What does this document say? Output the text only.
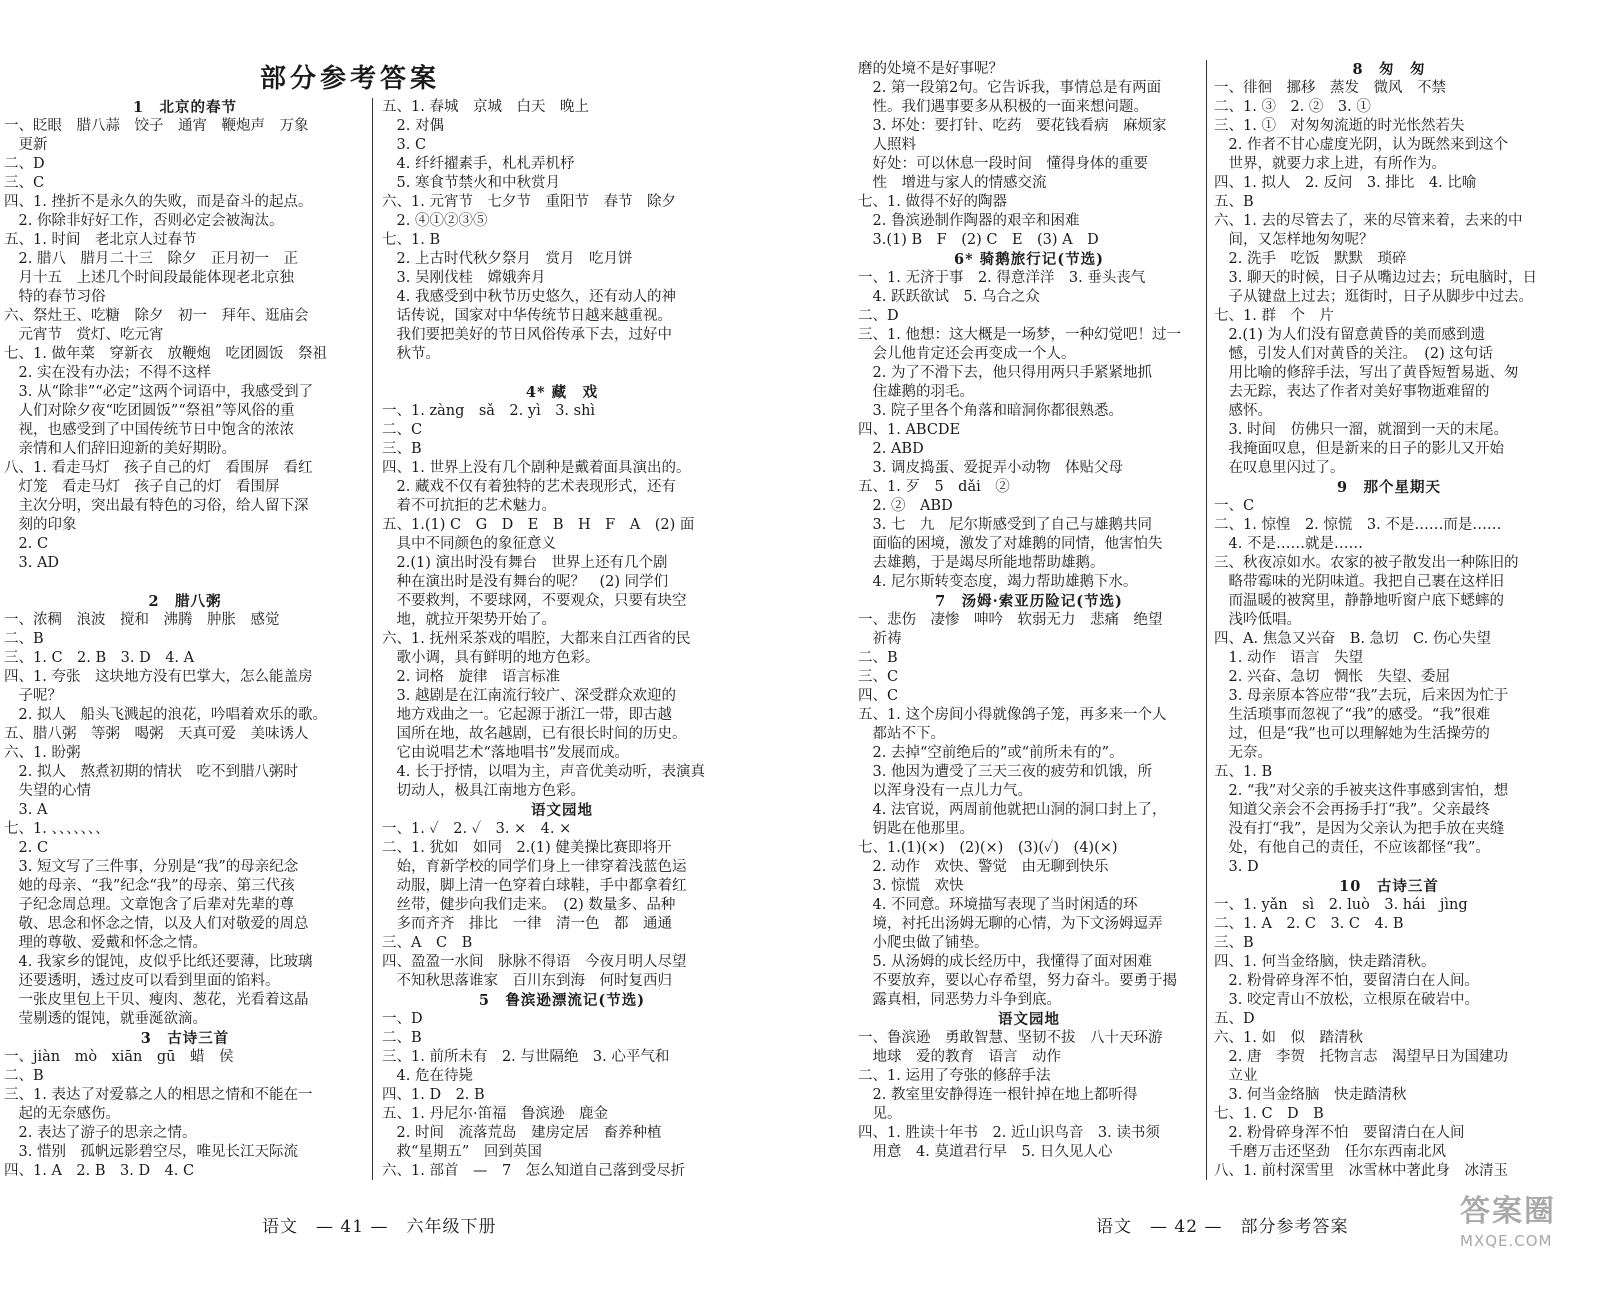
部分参考答案
1　北京的春节
一、眨眼　腊八蒜　饺子　通宵　鞭炮声　万象
　更新
二、D
三、C
四、1. 挫折不是永久的失败，而是奋斗的起点。
　2. 你除非好好工作，否则必定会被淘汰。
五、1. 时间　老北京人过春节
　2. 腊八　腊月二十三　除夕　正月初一　正
　月十五　上述几个时间段最能体现老北京独
　特的春节习俗
六、祭灶王、吃糖　除夕　初一　拜年、逛庙会
　元宵节　赏灯、吃元宵
七、1. 做年菜　穿新衣　放鞭炮　吃团圆饭　祭祖
　2. 实在没有办法；不得不这样
　3. 从“除非”“必定”这两个词语中，我感受到了
　人们对除夕夜“吃团圆饭”“祭祖”等风俗的重
　视，也感受到了中国传统节日中饱含的浓浓
　亲情和人们辞旧迎新的美好期盼。
八、1. 看走马灯　孩子自己的灯　看围屏　看红
　灯笼　看走马灯　孩子自己的灯　看围屏
　主次分明，突出最有特色的习俗，给人留下深
　刻的印象
　2. C
　3. AD
2　腊八粥
一、浓稠　浪波　搅和　沸腾　肿胀　感觉
二、B
三、1. C　2. B　3. D　4. A
四、1. 夸张　这块地方没有巴掌大，怎么能盖房
　子呢？
　2. 拟人　船头飞溅起的浪花，吟唱着欢乐的歌。
五、腊八粥　等粥　喝粥　天真可爱　美味诱人
六、1. 盼粥
　2. 拟人　熬煮初期的情状　吃不到腊八粥时
　失望的心情
　3. A
七、1. 、、、、、、、
　2. C
　3. 短文写了三件事，分别是“我”的母亲纪念
　她的母亲、“我”纪念“我”的母亲、第三代孩
　子纪念周总理。文章饱含了后辈对先辈的尊
　敬、思念和怀念之情，以及人们对敬爱的周总
　理的尊敬、爱戴和怀念之情。
　4. 我家乡的馄饨，皮似乎比纸还要薄，比玻璃
　还要透明，透过皮可以看到里面的馅料。
　一张皮里包上干贝、瘦肉、葱花，光看着这晶
　莹剔透的馄饨，就垂涎欲滴。
3　古诗三首
一、jiàn　mò　xiān　gū　蜡　侯
二、B
三、1. 表达了对爱慕之人的相思之情和不能在一
　起的无奈感伤。
　2. 表达了游子的思亲之情。
　3. 惜别　孤帆远影碧空尽，唯见长江天际流
四、1. A　2. B　3. D　4. C
五、1. 春城　京城　白天　晚上
　2. 对偶
　3. C
　4. 纤纤擢素手，札札弄机杼
　5. 寒食节禁火和中秋赏月
六、1. 元宵节　七夕节　重阳节　春节　除夕
　2. ④①②③⑤
七、1. B
　2. 上古时代秋夕祭月　赏月　吃月饼
　3. 吴刚伐桂　嫦娥奔月
　4. 我感受到中秋节历史悠久，还有动人的神
　话传说，国家对中华传统节日越来越重视。
　我们要把美好的节日风俗传承下去，过好中
　秋节。
4* 藏　戏
一、1. zàng　sǎ　2. yì　3. shì
二、C
三、B
四、1. 世界上没有几个剧种是戴着面具演出的。
　2. 藏戏不仅有着独特的艺术表现形式，还有
　着不可抗拒的艺术魅力。
五、1.(1) C　G　D　E　B　H　F　A　(2) 面
　具中不同颜色的象征意义
　2.(1) 演出时没有舞台　世界上还有几个剧
　种在演出时是没有舞台的呢？　(2) 同学们
　不要救判，不要球网，不要观众，只要有块空
　地，就拉开架势开始了。
六、1. 抚州采茶戏的唱腔，大都来自江西省的民
　歌小调，具有鲜明的地方色彩。
　2. 词格　旋律　语言标准
　3. 越剧是在江南流行较广、深受群众欢迎的
　地方戏曲之一。它起源于浙江一带，即古越
　国所在地，故名越剧，已有很长时间的历史。
　它由说唱艺术“落地唱书”发展而成。
　4. 长于抒情，以唱为主，声音优美动听，表演真
　切动人，极具江南地方色彩。
语文园地
一、1. ✓　2. ✓　3. ×　4. ×
二、1. 犹如　如同　2.(1) 健美操比赛即将开
　始，育新学校的同学们身上一律穿着浅蓝色运
　动服，脚上清一色穿着白球鞋，手中都拿着红
　丝带，健步向我们走来。　(2) 数量多、品种
　多而齐齐　排比　一律　清一色　都　通通
三、A　C　B
四、盈盈一水间　脉脉不得语　今夜月明人尽望
　不知秋思落谁家　百川东到海　何时复西归
5　鲁滨逊漂流记(节选)
一、D
二、B
三、1. 前所未有　2. 与世隔绝　3. 心平气和
　4. 危在待毙
四、1. D　2. B
五、1. 丹尼尔·笛福　鲁滨逊　鹿金
　2. 时间　流落荒岛　建房定居　畜养种植
　救“星期五”　回到英国
六、1. 部首　—　7　怎么知道自己落到受尽折
语文　— 41 —　六年级下册
磨的处境不是好事呢？
　2. 第一段第2句。它告诉我，事情总是有两面
　性。我们遇事要多从积极的一面来想问题。
　3. 坏处：要打针、吃药　要花钱看病　麻烦家
　人照料
　好处：可以休息一段时间　懂得身体的重要
　性　增进与家人的情感交流
七、1. 做得不好的陶器
　2. 鲁滨逊制作陶器的艰辛和困难
　3.(1) B　F　(2) C　E　(3) A　D
6* 骑鹅旅行记(节选)
一、1. 无济于事　2. 得意洋洋　3. 垂头丧气
　4. 跃跃欲试　5. 乌合之众
二、D
三、1. 他想：这大概是一场梦，一种幻觉吧！过一
　会儿他肯定还会再变成一个人。
　2. 为了不滑下去，他只得用两只手紧紧地抓
　住雄鹅的羽毛。
　3. 院子里各个角落和暗洞你都很熟悉。
四、1. ABCDE
　2. ABD
　3. 调皮捣蛋、爱捉弄小动物　体贴父母
五、1. 歹　5　dǎi　②
　2. ②　ABD
　3. 七　九　尼尔斯感受到了自己与雄鹅共同
　面临的困境，激发了对雄鹅的同情，他害怕失
　去雄鹅，于是竭尽所能地帮助雄鹅。
　4. 尼尔斯转变态度，竭力帮助雄鹅下水。
7　汤姆·索亚历险记(节选)
一、悲伤　凄惨　呻吟　软弱无力　悲痛　绝望
　祈祷
二、B
三、C
四、C
五、1. 这个房间小得就像鸽子笼，再多来一个人
　都站不下。
　2. 去掉“空前绝后的”或“前所未有的”。
　3. 他因为遭受了三天三夜的疲劳和饥饿，所
　以浑身没有一点儿力气。
　4. 法官说，两周前他就把山洞的洞口封上了，
　钥匙在他那里。
七、1.(1)(×)　(2)(×)　(3)(✓)　(4)(×)
　2. 动作　欢快、警觉　由无聊到快乐
　3. 惊慌　欢快
　4. 不同意。环境描写表现了当时闲适的环
　境，衬托出汤姆无聊的心情，为下文汤姆逗弄
　小爬虫做了铺垫。
　5. 从汤姆的成长经历中，我懂得了面对困难
　不要放弃，要以心存希望，努力奋斗。要勇于揭
　露真相，同恶势力斗争到底。
语文园地
一、鲁滨逊　勇敢智慧、坚韧不拔　八十天环游
　地球　爱的教育　语言　动作
二、1. 运用了夸张的修辞手法
　2. 教室里安静得连一根针掉在地上都听得
　见。
四、1. 胜读十年书　2. 近山识鸟音　3. 读书须
　用意　4. 莫道君行早　5. 日久见人心
8　匆　匆
一、徘徊　挪移　蒸发　微风　不禁
二、1. ③　2. ②　3. ①
三、1. ①　对匆匆流逝的时光怅然若失
　2. 作者不甘心虚度光阴，认为既然来到这个
　世界，就要力求上进，有所作为。
四、1. 拟人　2. 反问　3. 排比　4. 比喻
五、B
六、1. 去的尽管去了，来的尽管来着，去来的中
　间，又怎样地匆匆呢？
　2. 洗手　吃饭　默默　琐碎
　3. 聊天的时候，日子从嘴边过去；玩电脑时，日
　子从键盘上过去；逛街时，日子从脚步中过去。
七、1. 群　个　片
　2.(1) 为人们没有留意黄昏的美而感到遗
　憾，引发人们对黄昏的关注。　(2) 这句话
　用比喻的修辞手法，写出了黄昏短暂易逝、匆
　去无踪，表达了作者对美好事物逝难留的
　感怀。
　3. 时间　仿佛只一溜，就溜到一天的末尾。
　我掩面叹息，但是新来的日子的影儿又开始
　在叹息里闪过了。
9　那个星期天
一、C
二、1. 惊惶　2. 惊慌　3. 不是……而是……
　4. 不是……就是……
三、秋夜凉如水。农家的被子散发出一种陈旧的
　略带霉味的光阴味道。我把自己裹在这样旧
　而温暖的被窝里，静静地听窗户底下蟋蟀的
　浅吟低唱。
四、A. 焦急又兴奋　B. 急切　C. 伤心失望
　1. 动作　语言　失望
　2. 兴奋、急切　惆怅　失望、委屈
　3. 母亲原本答应带“我”去玩，后来因为忙于
　生活琐事而忽视了“我”的感受。“我”很难
　过，但是“我”也可以理解她为生活操劳的
　无奈。
五、1. B
　2. “我”对父亲的手被夹这件事感到害怕，想
　知道父亲会不会再扬手打“我”。父亲最终
　没有打“我”，是因为父亲认为把手放在夹缝
　处，有他自己的责任，不应该都怪“我”。
　3. D
10　古诗三首
一、1. yǎn　sì　2. luò　3. hái　jìng
二、1. A　2. C　3. C　4. B
三、B
四、1. 何当金络脑，快走踏清秋。
　2. 粉骨碎身浑不怕，要留清白在人间。
　3. 咬定青山不放松，立根原在破岩中。
五、D
六、1. 如　似　踏清秋
　2. 唐　李贺　托物言志　渴望早日为国建功
　立业
　3. 何当金络脑　快走踏清秋
七、1. C　D　B
　2. 粉骨碎身浑不怕　要留清白在人间
　千磨万击还坚劲　任尔东西南北风
八、1. 前村深雪里　冰雪林中著此身　冰清玉
语文　— 42 —　部分参考答案	答案圈
MXQE.COM
